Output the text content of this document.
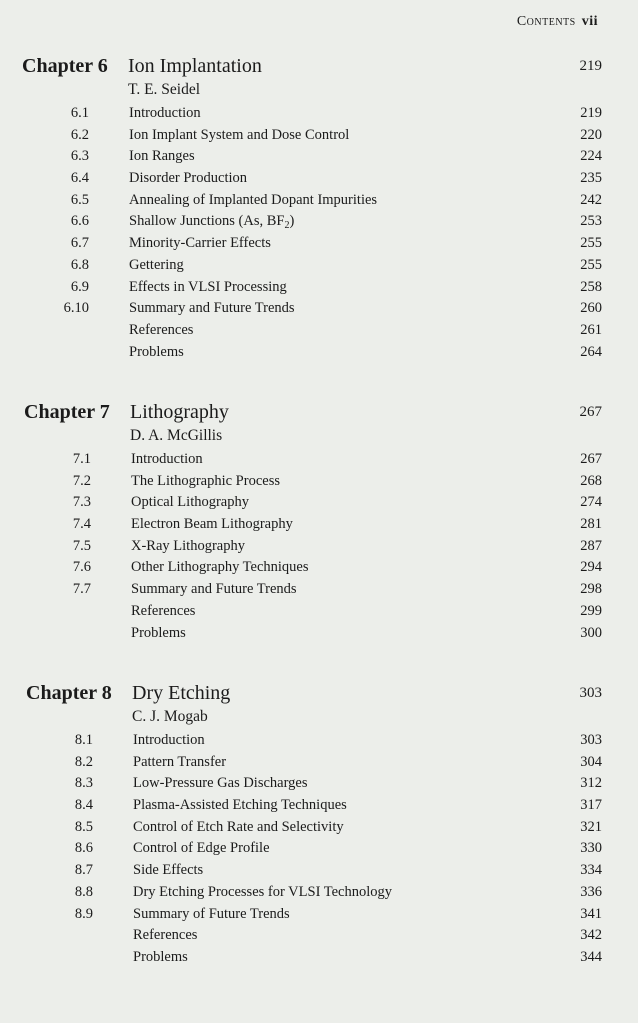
Contents vii
Chapter 6 Ion Implantation	219
T. E. Seidel
6.1	Introduction	219
6.2	Ion Implant System and Dose Control	220
6.3	Ion Ranges	224
6.4	Disorder Production	235
6.5	Annealing of Implanted Dopant Impurities	242
6.6	Shallow Junctions (As, $BF_2$)	253
6.7	Minority-Carrier Effects	255
6.8	Gettering	255
6.9	Effects in VLSI Processing	258
6.10	Summary and Future Trends	260
References	261
Problems	264
Chapter 7 Lithography	267
D. A. McGillis
7.1	Introduction	267
7.2	The Lithographic Process	268
7.3	Optical Lithography	274
7.4	Electron Beam Lithography	281
7.5	X-Ray Lithography	287
7.6	Other Lithography Techniques	294
7.7	Summary and Future Trends	298
References	299
Problems	300
Chapter 8 Dry Etching	303
C. J. Mogab
8.1	Introduction	303
8.2	Pattern Transfer	304
8.3	Low-Pressure Gas Discharges	312
8.4	Plasma-Assisted Etching Techniques	317
8.5	Control of Etch Rate and Selectivity	321
8.6	Control of Edge Profile	330
8.7	Side Effects	334
8.8	Dry Etching Processes for VLSI Technology	336
8.9	Summary of Future Trends	341
References	342
Problems	344
